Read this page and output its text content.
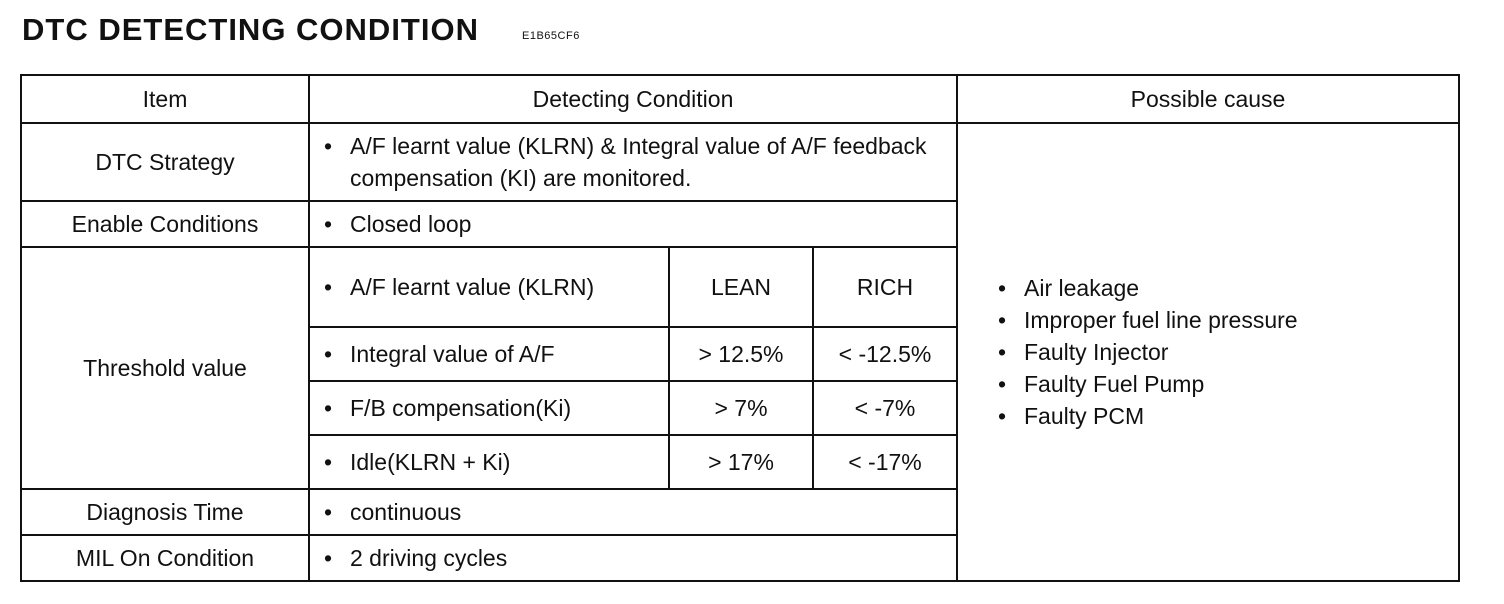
DTC DETECTING CONDITION	E1B65CF6
Item	Detecting Condition			Possible cause
DTC Strategy	• A/F learnt value (KLRN) & Integral value of A/F feedback compensation (KI) are monitored.			• Air leakage
• Improper fuel line pressure
• Faulty Injector
• Faulty Fuel Pump
• Faulty PCM

Enable Conditions	• Closed loop			
Threshold value	• A/F learnt value (KLRN)	LEAN	RICH	
	• Integral value of A/F	> 12.5%	< -12.5%	
	• F/B compensation(Ki)	> 7%	< -7%	
	• Idle(KLRN + Ki)	> 17%	< -17%	
Diagnosis Time	• continuous			
MIL On Condition	• 2 driving cycles			
